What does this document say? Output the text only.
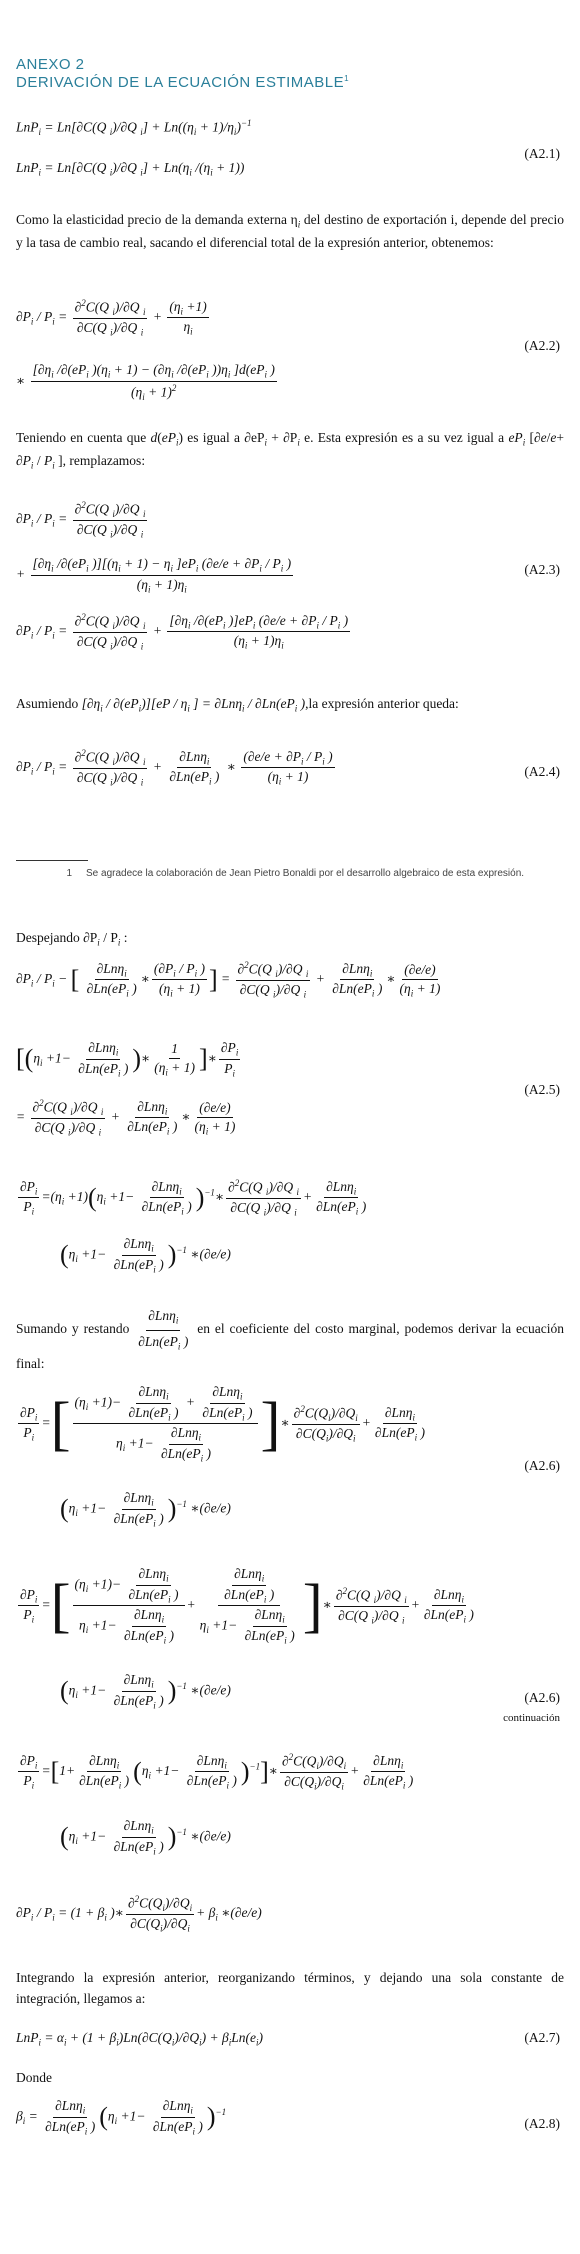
ANEXO 2
DERIVACIÓN DE LA ECUACIÓN ESTIMABLE$^1$
LnP$_i$ = Ln[∂C(Q $_i$)/∂Q $_i] + Ln((\eta_i + 1)/\eta_i)^{-1}$
LnP$_i$ = Ln[∂C(Q $_i$)/∂Q $_i] + Ln(\eta_i$ $/(\eta_i + 1)$)
(A2.1)
Como la elasticidad precio de la demanda externa $\eta_i$ del destino de exportación i, depende del precio y la tasa de cambio real, sacando el diferencial total de la expresión anterior, obtenemos:
$\partial P_i / P_i = \frac{\partial^2C(Q _i)/\partial Q _i}{\partial C(Q _i)/\partial Q _i} + \frac{(\eta_i +1)}{\eta_i}$
∗ $\frac{[\partial\eta_i /\partial(eP_i )(\eta_i + 1) - (\partial\eta_i /\partial(eP_i ))\eta_i ]d(eP_i )}{(\eta_i + 1)^2}$
(A2.2)
Teniendo en cuenta que $d(eP_i)$ es igual a $\partial eP_i + \partial P_i$ e. Esta expresión es a su vez igual a $eP_i$ [$\partial e/e+ \partial P_i / P_i$ ], remplazamos:
$\partial P_i / P_i = \frac{\partial^2C(Q _i)/\partial Q _i}{\partial C(Q _i)/\partial Q _i}$
+ $\frac{[\partial\eta_i /\partial(eP_i )][(\eta_i + 1) - \eta_i ]eP_i (\partial e/e + \partial P_i / P_i )}{(\eta_i + 1)\eta_i}$
$\partial P_i / P_i = \frac{\partial^2C(Q _i)/\partial Q _i}{\partial C(Q _i)/\partial Q _i} + \frac{[\partial\eta_i /\partial(eP_i )]eP_i (\partial e/e + \partial P_i / P_i )}{(\eta_i + 1)\eta_i}$
(A2.3)
Asumiendo $[\partial\eta_i / \partial(eP_i)][eP / \eta_i$ ] = $\partial Ln\eta_i / \partial Ln(eP_i$ ),la expresión anterior queda:
$\partial P_i / P_i = \frac{\partial^2C(Q _i)/\partial Q _i}{\partial C(Q _i)/\partial Q _i} + \frac{\partial Ln\eta_i}{\partial Ln(eP_i )}$ ∗ $\frac{(\partial e/e + \partial P_i / P_i )}{(\eta_i + 1)}$	(A2.4)
1 Se agradece la colaboración de Jean Pietro Bonaldi por el desarrollo algebraico de esta expresión.
Despejando $\partial P_i / P_i$ :
$\partial P_i / P_i$ − [ $\frac{\partial Ln\eta_i}{\partial Ln(eP_i )}$ ∗ $\frac{(\partial P_i / P_i )}{(\eta_i + 1)}$ ] = $\frac{\partial^2C(Q _i)/\partial Q _i}{\partial C(Q _i)/\partial Q _i} + \frac{\partial Ln\eta_i}{\partial Ln(eP_i )}$ ∗ $\frac{(\partial e/e)}{(\eta_i + 1)}$
[($\eta_i +1- \frac{\partial Ln\eta_i}{\partial Ln(eP_i )}$ )∗ $\frac{1}{(\eta_i + 1)}$ ]∗ $\frac{\partial P_i}{P_i}$
= $\frac{\partial^2C(Q _i)/\partial Q _i}{\partial C(Q _i)/\partial Q _i} + \frac{\partial Ln\eta_i}{\partial Ln(eP_i )}$ ∗ $\frac{(\partial e/e)}{(\eta_i + 1)}$
(A2.5)
$\frac{\partial P_i}{P_i} =(\eta_i +1)(\eta_i +1- \frac{\partial Ln\eta_i}{\partial Ln(eP_i )}$ )$^{-1}∗ \frac{\partial^2C(Q _i)/\partial Q _i}{\partial C(Q _i)/\partial Q _i} + \frac{\partial Ln\eta_i}{\partial Ln(eP_i )}$
$(\eta_i +1- \frac{\partial Ln\eta_i}{\partial Ln(eP_i )} )^{-1}$ ∗(∂e/e)
Sumando y restando $\frac{\partial Ln\eta_i}{\partial Ln(eP_i )}$ en el coeficiente del costo marginal, podemos derivar la ecuación final:
$\frac{\partial P_i}{P_i}$ =[ $\frac{(\eta_i +1)- \frac{\partial Ln\eta_i}{\partial Ln(eP_i )} + \frac{\partial Ln\eta_i}{\partial Ln(eP_i )}}{\eta_i +1- \frac{\partial Ln\eta_i}{\partial Ln(eP_i )}}$ ]∗ $\frac{\partial^2C(Q_i)/\partial Q_i}{\partial C(Q_i)/\partial Q_i} + \frac{\partial Ln\eta_i}{\partial Ln(eP_i )}$
(A2.6)
$(\eta_i +1- \frac{\partial Ln\eta_i}{\partial Ln(eP_i )} )^{-1}$ ∗(∂e/e)
$\frac{\partial P_i}{P_i}$ =[ $\frac{(\eta_i +1)- \frac{\partial Ln\eta_i}{\partial Ln(eP_i )}}{\eta_i +1- \frac{\partial Ln\eta_i}{\partial Ln(eP_i )}} + \frac{\frac{\partial Ln\eta_i}{\partial Ln(eP_i )}}{\eta_i +1- \frac{\partial Ln\eta_i}{\partial Ln(eP_i )}}$ ]∗ $\frac{\partial^2C(Q _i)/\partial Q _i}{\partial C(Q _i)/\partial Q _i} + \frac{\partial Ln\eta_i}{\partial Ln(eP_i )}$
$(\eta_i +1- \frac{\partial Ln\eta_i}{\partial Ln(eP_i )} )^{-1}$ ∗(∂e/e)
(A2.6)
continuación
$\frac{\partial P_i}{P_i} =[1+ \frac{\partial Ln\eta_i}{\partial Ln(eP_i )} (\eta_i +1- \frac{\partial Ln\eta_i}{\partial Ln(eP_i )}$ )$^{-1}]∗ \frac{\partial^2C(Q_i)/\partial Q_i}{\partial C(Q_i)/\partial Q_i} + \frac{\partial Ln\eta_i}{\partial Ln(eP_i )}$
$(\eta_i +1- \frac{\partial Ln\eta_i}{\partial Ln(eP_i )} )^{-1}$ ∗(∂e/e)
$\partial P_i / P_i = (1 + \beta_i$ )∗ $\frac{\partial^2C(Q_i)/\partial Q_i}{\partial C(Q_i)/\partial Q_i} + \beta_i$ ∗(∂e/e)
Integrando la expresión anterior, reorganizando términos, y dejando una sola constante de integración, llegamos a:
$LnP_i = \alpha_i + (1 + \beta_i)Ln(\partial C(Q_i)/\partial Q_i) + \beta_iLn(e_i)$	(A2.7)
Donde
$\beta_i = \frac{\partial Ln\eta_i}{\partial Ln(eP_i )} (\eta_i +1- \frac{\partial Ln\eta_i}{\partial Ln(eP_i )} )^{-1}$
(A2.8)
